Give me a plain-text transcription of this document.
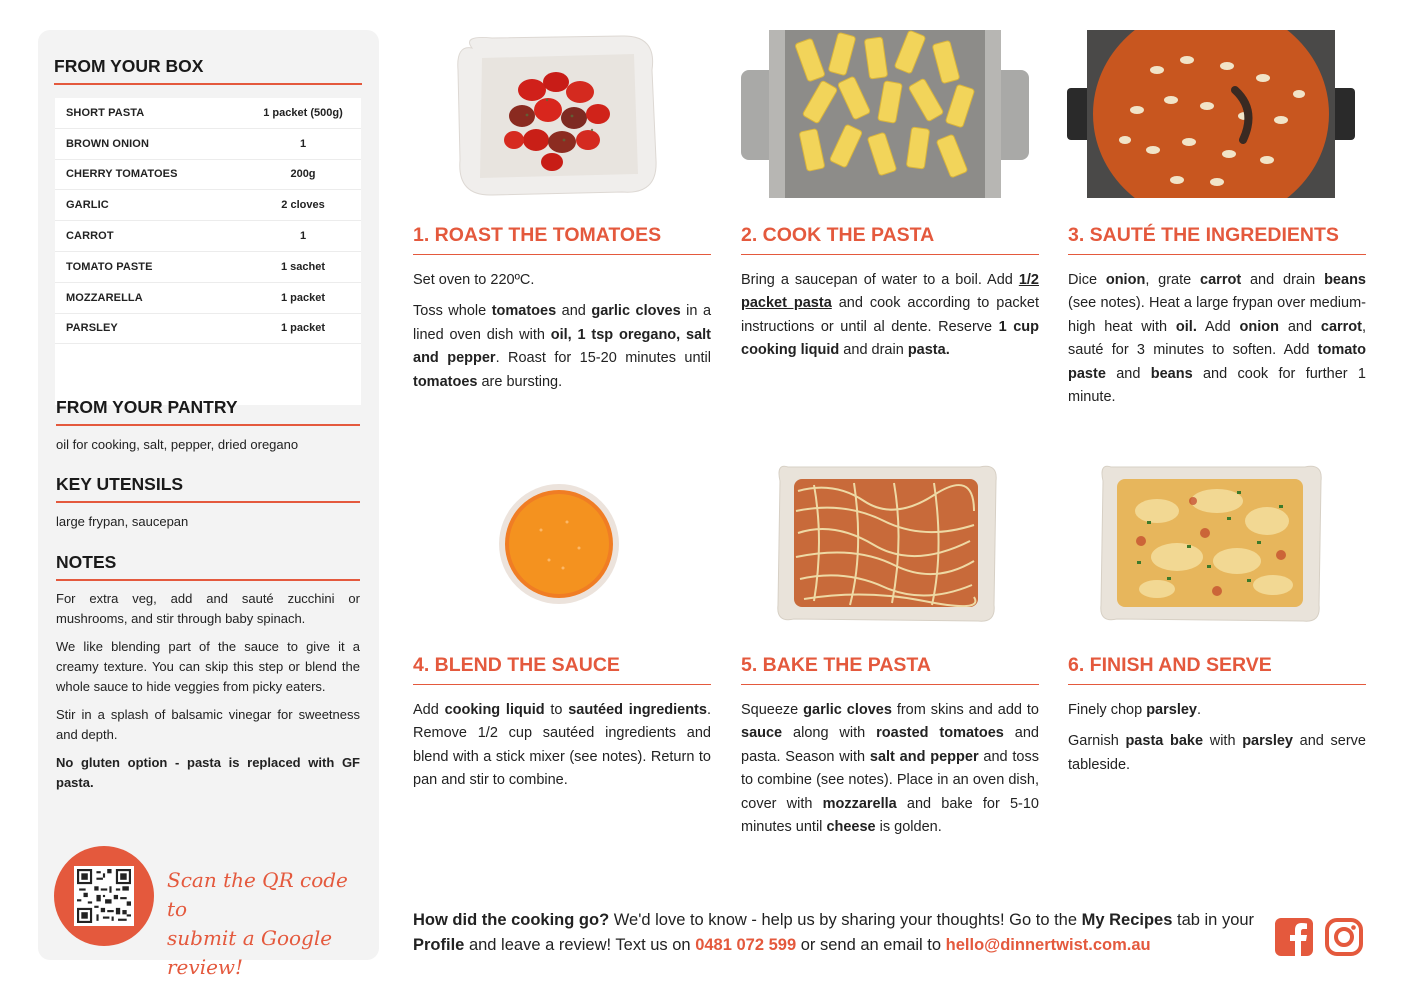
FROM YOUR BOX
SHORT PASTA	1 packet (500g)
BROWN ONION	1
CHERRY TOMATOES	200g
GARLIC	2 cloves
CARROT	1
TOMATO PASTE	1 sachet
MOZZARELLA	1 packet
PARSLEY	1 packet
FROM YOUR PANTRY
oil for cooking, salt, pepper, dried oregano
KEY UTENSILS
large frypan, saucepan
NOTES

For extra veg, add and sauté zucchini or mushrooms, and stir through baby spinach.

We like blending part of the sauce to give it a creamy texture. You can skip this step or blend the whole sauce to hide veggies from picky eaters.

Stir in a splash of balsamic vinegar for sweetness and depth.

No gluten option - pasta is replaced with GF pasta.

Scan the QR code to
submit a Google review!
1. ROAST THE TOMATOES

Set oven to 220ºC.

Toss whole tomatoes and garlic cloves in a lined oven dish with oil, 1 tsp oregano, salt and pepper. Roast for 15-20 minutes until tomatoes are bursting.

2. COOK THE PASTA

Bring a saucepan of water to a boil. Add 1/2 packet pasta and cook according to packet instructions or until al dente. Reserve 1 cup cooking liquid and drain pasta.

3. SAUTÉ THE INGREDIENTS

Dice onion, grate carrot and drain beans (see notes). Heat a large frypan over medium-high heat with oil. Add onion and carrot, sauté for 3 minutes to soften. Add tomato paste and beans and cook for further 1 minute.

4. BLEND THE SAUCE

Add cooking liquid to sautéed ingredients. Remove 1/2 cup sautéed ingredients and blend with a stick mixer (see notes). Return to pan and stir to combine.

5. BAKE THE PASTA

Squeeze garlic cloves from skins and add to sauce along with roasted tomatoes and pasta. Season with salt and pepper and toss to combine (see notes). Place in an oven dish, cover with mozzarella and bake for 5-10 minutes until cheese is golden.

6. FINISH AND SERVE

Finely chop parsley.

Garnish pasta bake with parsley and serve tableside.

How did the cooking go? We'd love to know - help us by sharing your thoughts! Go to the My Recipes tab in your Profile and leave a review! Text us on 0481 072 599 or send an email to hello@dinnertwist.com.au
